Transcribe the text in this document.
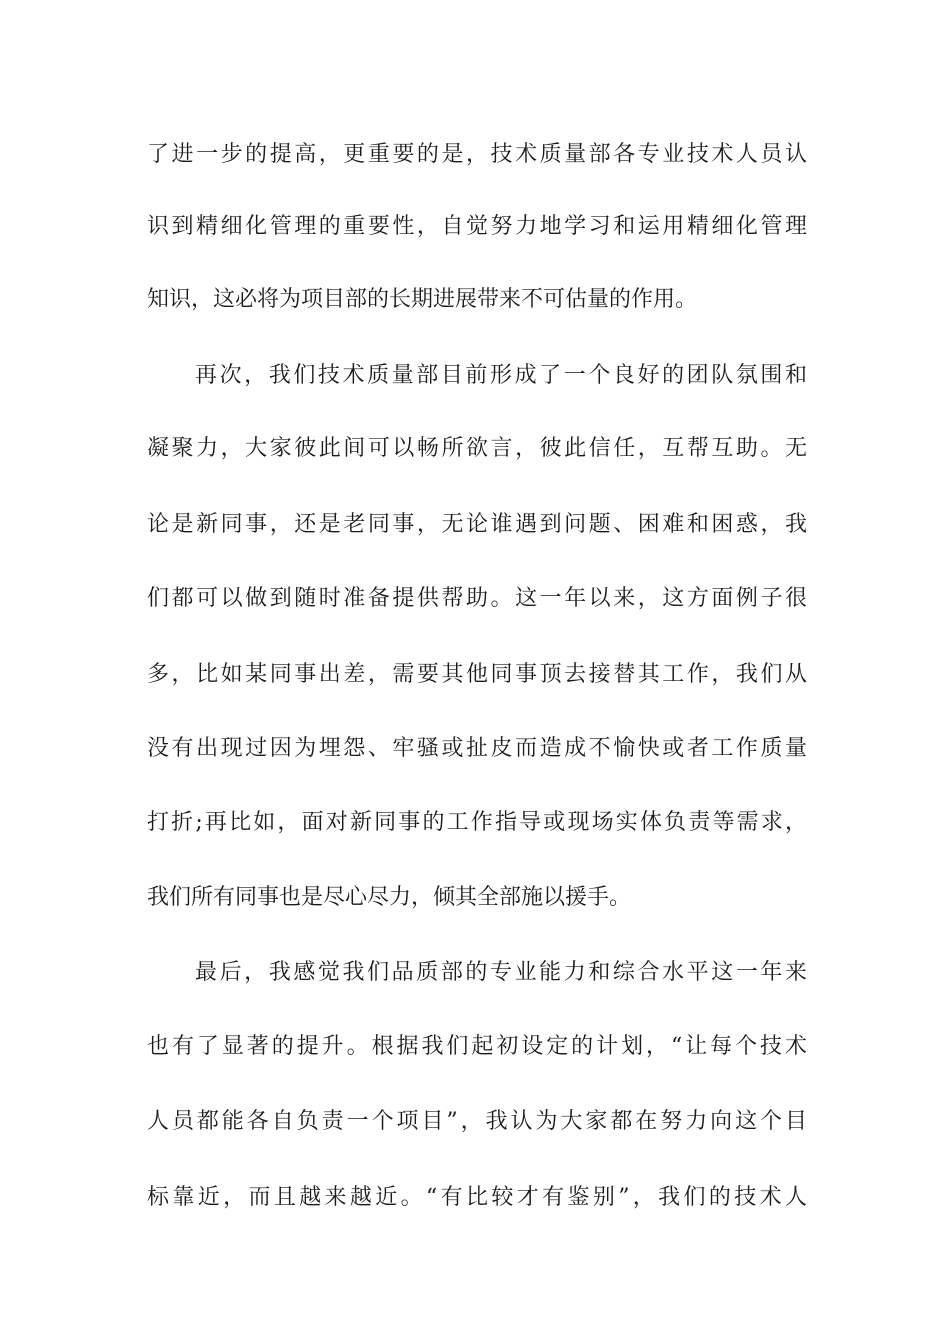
了进一步的提高，更重要的是，技术质量部各专业技术人员认
识到精细化管理的重要性，自觉努力地学习和运用精细化管理
知识，这必将为项目部的长期进展带来不可估量的作用。
再次，我们技术质量部目前形成了一个良好的团队氛围和
凝聚力，大家彼此间可以畅所欲言，彼此信任，互帮互助。无
论是新同事，还是老同事，无论谁遇到问题、困难和困惑，我
们都可以做到随时准备提供帮助。这一年以来，这方面例子很
多，比如某同事出差，需要其他同事顶去接替其工作，我们从
没有出现过因为埋怨、牢骚或扯皮而造成不愉快或者工作质量
打折;再比如，面对新同事的工作指导或现场实体负责等需求，
我们所有同事也是尽心尽力，倾其全部施以援手。
最后，我感觉我们品质部的专业能力和综合水平这一年来
也有了显著的提升。根据我们起初设定的计划，“让每个技术
人员都能各自负责一个项目”，我认为大家都在努力向这个目
标靠近，而且越来越近。“有比较才有鉴别”，我们的技术人
